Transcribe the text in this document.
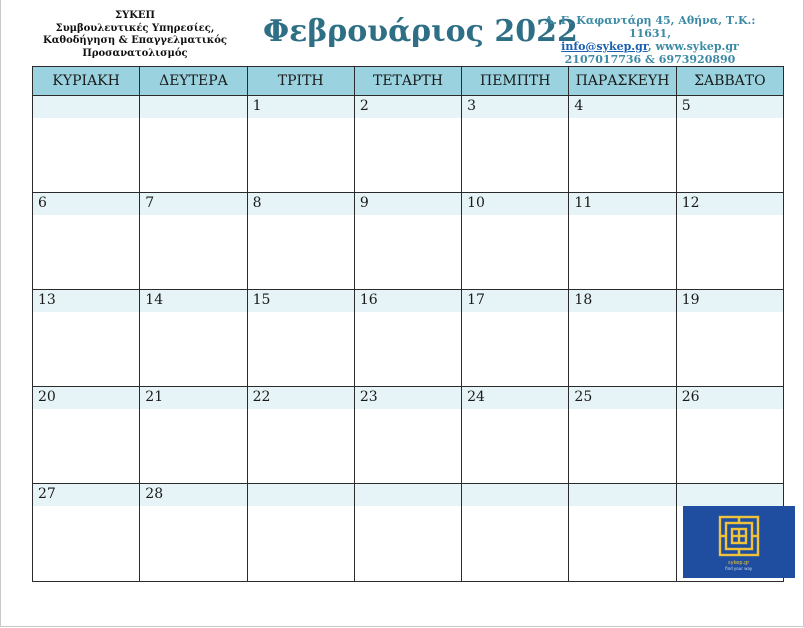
ΣΥΚΕΠ
Συμβουλευτικές Υπηρεσίες,
Καθοδήγηση & Επαγγελματικός
Προσανατολισμός
Φεβρουάριος 2022
Λ. Γ. Καφαντάρη 45, Αθήνα, Τ.Κ.: 11631,
info@sykep.gr, www.sykep.gr
2107017736 & 6973920890
ΚΥΡΙΑΚΗ	ΔΕΥΤΕΡΑ	ΤΡΙΤΗ	ΤΕΤΑΡΤΗ	ΠΕΜΠΤΗ	ΠΑΡΑΣΚΕΥΗ	ΣΑΒΒΑΤΟ

		1	2	3	4	5

6	7	8	9	10	11	12

13	14	15	16	17	18	19

20	21	22	23	24	25	26

27	28					sykep.gr
find your way
